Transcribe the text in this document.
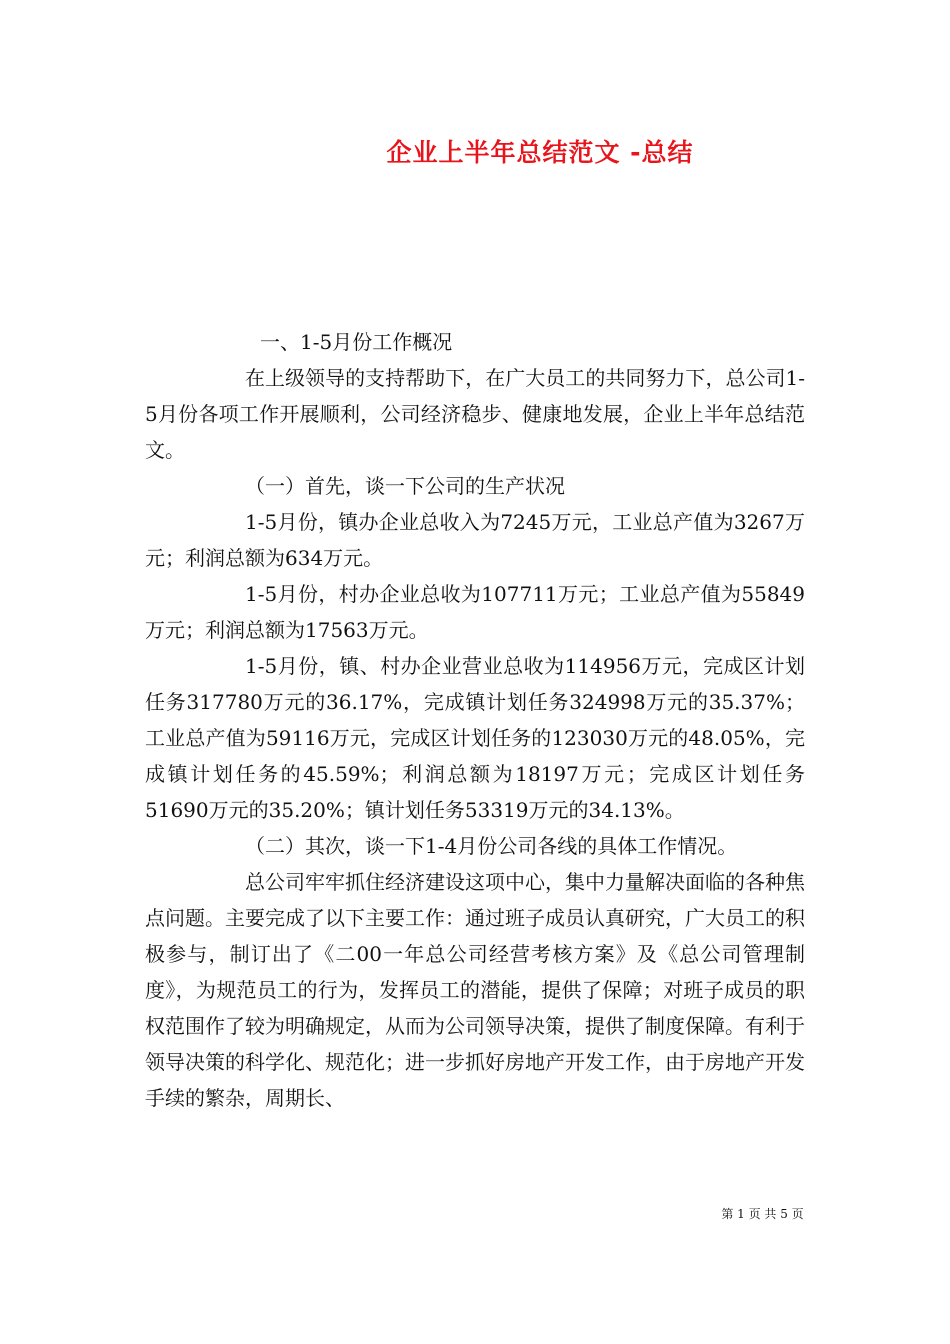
企业上半年总结范文 -总结

一、1-5月份工作概况

在上级领导的支持帮助下，在广大员工的共同努力下，总公司1-5月份各项工作开展顺利，公司经济稳步、健康地发展，企业上半年总结范文。

（一）首先，谈一下公司的生产状况

1-5月份，镇办企业总收入为7245万元，工业总产值为3267万元；利润总额为634万元。

1-5月份，村办企业总收为107711万元；工业总产值为55849万元；利润总额为17563万元。

1-5月份，镇、村办企业营业总收为114956万元，完成区计划任务317780万元的36.17%，完成镇计划任务324998万元的35.37%；工业总产值为59116万元，完成区计划任务的123030万元的48.05%，完成镇计划任务的45.59%；利润总额为18197万元；完成区计划任务51690万元的35.20%；镇计划任务53319万元的34.13%。

（二）其次，谈一下1-4月份公司各线的具体工作情况。

总公司牢牢抓住经济建设这项中心，集中力量解决面临的各种焦点问题。主要完成了以下主要工作：通过班子成员认真研究，广大员工的积极参与，制订出了《二00一年总公司经营考核方案》及《总公司管理制度》，为规范员工的行为，发挥员工的潜能，提供了保障；对班子成员的职权范围作了较为明确规定，从而为公司领导决策，提供了制度保障。有利于领导决策的科学化、规范化；进一步抓好房地产开发工作，由于房地产开发手续的繁杂，周期长、

第 1 页 共 5 页
